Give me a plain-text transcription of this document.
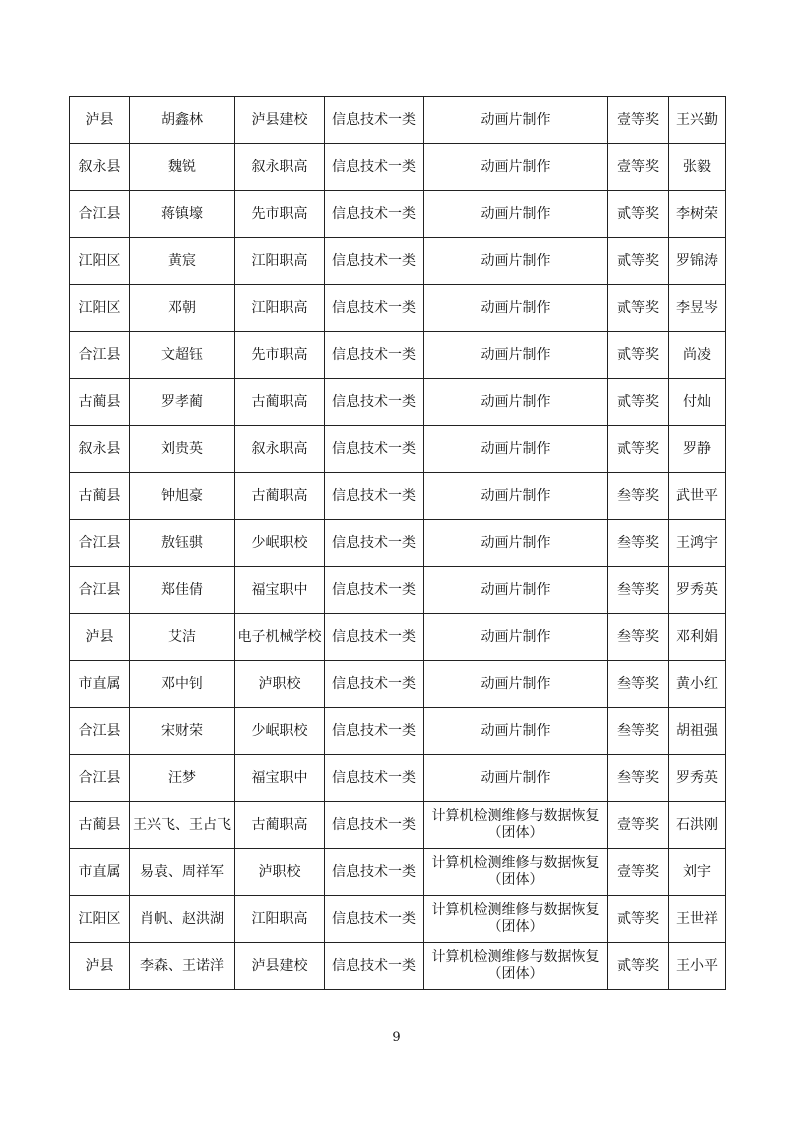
泸县	胡鑫林	泸县建校	信息技术一类	动画片制作	壹等奖	王兴勤
叙永县	魏锐	叙永职高	信息技术一类	动画片制作	壹等奖	张毅
合江县	蒋镇壕	先市职高	信息技术一类	动画片制作	贰等奖	李树荣
江阳区	黄宸	江阳职高	信息技术一类	动画片制作	贰等奖	罗锦涛
江阳区	邓朝	江阳职高	信息技术一类	动画片制作	贰等奖	李昱岑
合江县	文超钰	先市职高	信息技术一类	动画片制作	贰等奖	尚凌
古蔺县	罗孝蔺	古蔺职高	信息技术一类	动画片制作	贰等奖	付灿
叙永县	刘贵英	叙永职高	信息技术一类	动画片制作	贰等奖	罗静
古蔺县	钟旭豪	古蔺职高	信息技术一类	动画片制作	叁等奖	武世平
合江县	敖钰骐	少岷职校	信息技术一类	动画片制作	叁等奖	王鸿宇
合江县	郑佳倩	福宝职中	信息技术一类	动画片制作	叁等奖	罗秀英
泸县	艾洁	电子机械学校	信息技术一类	动画片制作	叁等奖	邓利娟
市直属	邓中钊	泸职校	信息技术一类	动画片制作	叁等奖	黄小红
合江县	宋财荣	少岷职校	信息技术一类	动画片制作	叁等奖	胡祖强
合江县	汪梦	福宝职中	信息技术一类	动画片制作	叁等奖	罗秀英
古蔺县	王兴飞、王占飞	古蔺职高	信息技术一类	计算机检测维修与数据恢复（团体）	壹等奖	石洪刚
市直属	易袁、周祥军	泸职校	信息技术一类	计算机检测维修与数据恢复（团体）	壹等奖	刘宇
江阳区	肖帆、赵洪湖	江阳职高	信息技术一类	计算机检测维修与数据恢复（团体）	贰等奖	王世祥
泸县	李森、王诺洋	泸县建校	信息技术一类	计算机检测维修与数据恢复（团体）	贰等奖	王小平
9
